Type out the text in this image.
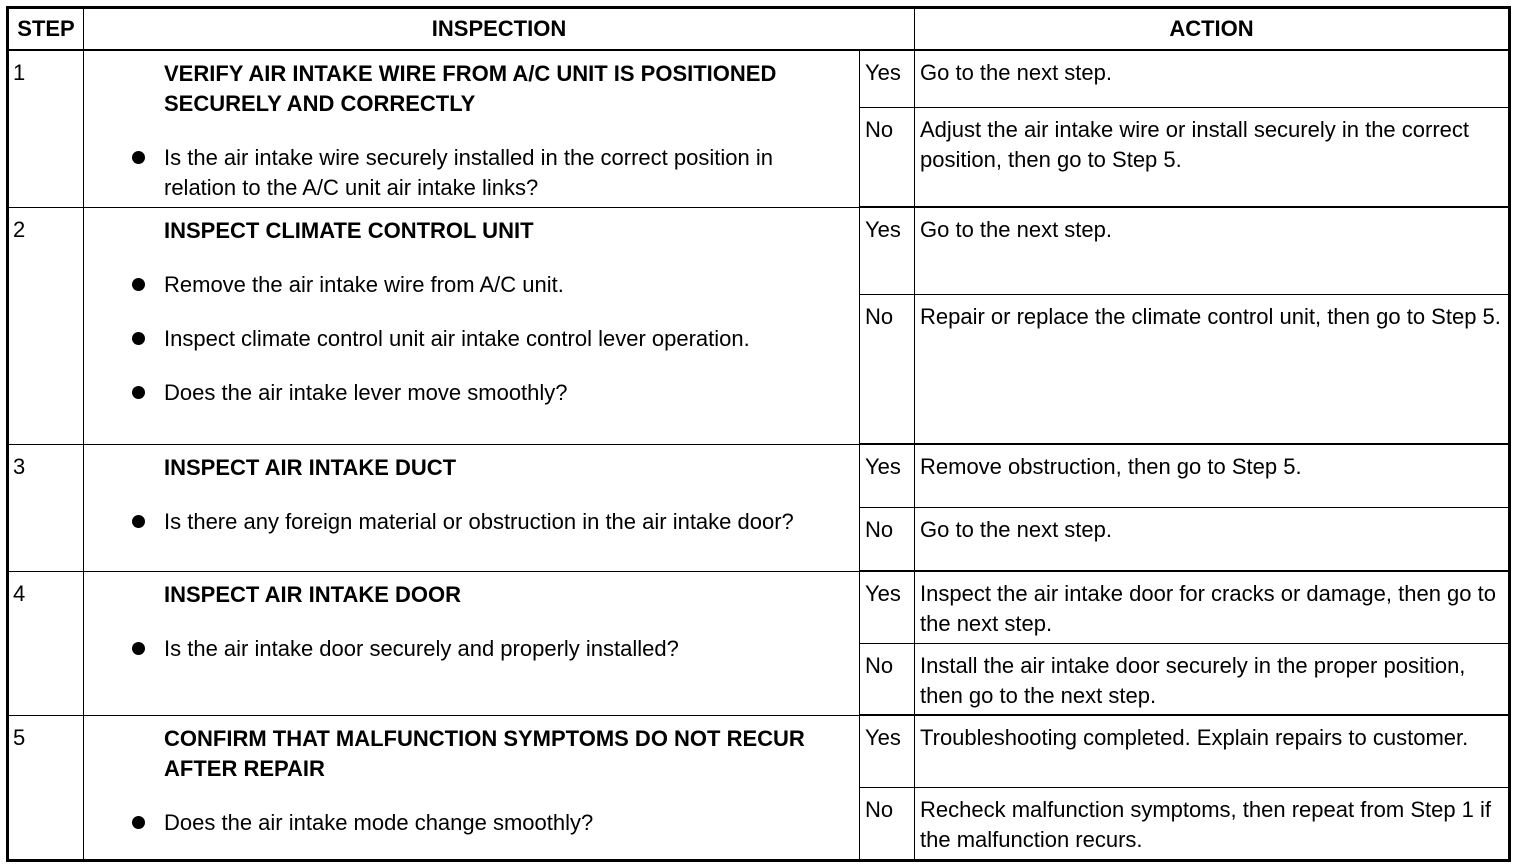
STEP	INSPECTION		ACTION
1	VERIFY AIR INTAKE WIRE FROM A/C UNIT IS POSITIONED SECURELY AND CORRECTLY

Is the air intake wire securely installed in the correct position in relation to the A/C unit air intake links?	Yes	Go to the next step.
		No	Adjust the air intake wire or install securely in the correct position, then go to Step 5.
2	INSPECT CLIMATE CONTROL UNIT

Remove the air intake wire from A/C unit.
Inspect climate control unit air intake control lever operation.
Does the air intake lever move smoothly?	Yes	Go to the next step.
		No	Repair or replace the climate control unit, then go to Step 5.
3	INSPECT AIR INTAKE DUCT

Is there any foreign material or obstruction in the air intake door?	Yes	Remove obstruction, then go to Step 5.
		No	Go to the next step.
4	INSPECT AIR INTAKE DOOR

Is the air intake door securely and properly installed?	Yes	Inspect the air intake door for cracks or damage, then go to the next step.
		No	Install the air intake door securely in the proper position, then go to the next step.
5	CONFIRM THAT MALFUNCTION SYMPTOMS DO NOT RECUR AFTER REPAIR

Does the air intake mode change smoothly?	Yes	Troubleshooting completed. Explain repairs to customer.
		No	Recheck malfunction symptoms, then repeat from Step 1 if the malfunction recurs.
